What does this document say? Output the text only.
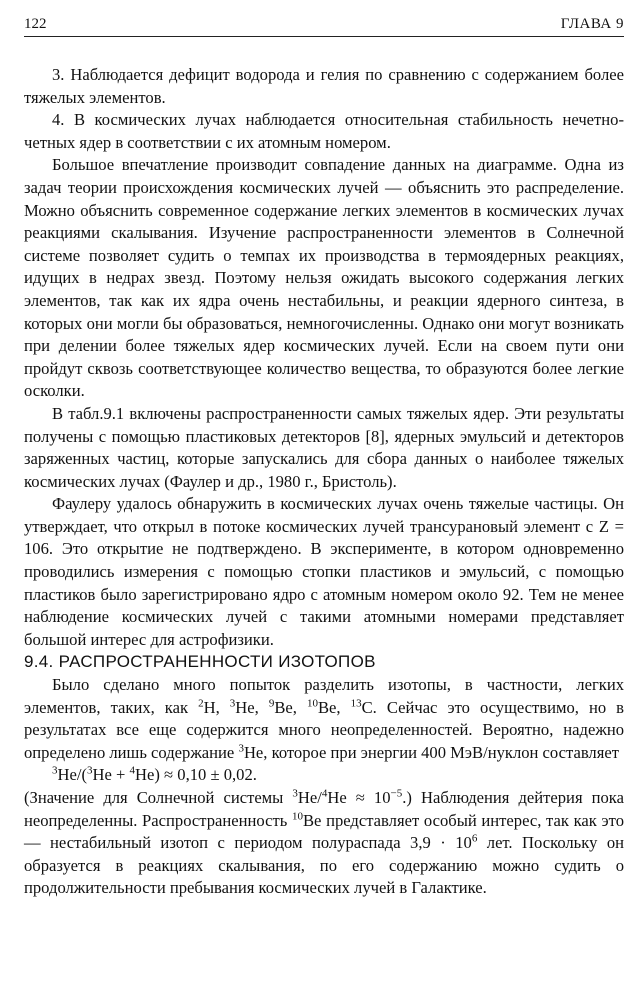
122	ГЛАВА 9

3. Наблюдается дефицит водорода и гелия по сравнению с содержанием более тяжелых элементов.

4. В космических лучах наблюдается относительная стабильность нечетно-четных ядер в соответствии с их атомным номером.

Большое впечатление производит совпадение данных на диаграмме. Одна из задач теории происхождения космических лучей — объяснить это распределение. Можно объяснить современное содержание легких элементов в космических лучах реакциями скалывания. Изучение распространенности элементов в Солнечной системе позволяет судить о темпах их производства в термоядерных реакциях, идущих в недрах звезд. Поэтому нельзя ожидать высокого содержания легких элементов, так как их ядра очень нестабильны, и реакции ядерного синтеза, в которых они могли бы образоваться, немногочисленны. Однако они могут возникать при делении более тяжелых ядер космических лучей. Если на своем пути они пройдут сквозь соответствующее количество вещества, то образуются более легкие осколки.

В табл.9.1 включены распространенности самых тяжелых ядер. Эти результаты получены с помощью пластиковых детекторов [8], ядерных эмульсий и детекторов заряженных частиц, которые запускались для сбора данных о наиболее тяжелых космических лучах (Фаулер и др., 1980 г., Бристоль).

Фаулеру удалось обнаружить в космических лучах очень тяжелые частицы. Он утверждает, что открыл в потоке космических лучей трансурановый элемент с Z = 106. Это открытие не подтверждено. В эксперименте, в котором одновременно проводились измерения с помощью стопки пластиков и эмульсий, с помощью пластиков было зарегистрировано ядро с атомным номером около 92. Тем не менее наблюдение космических лучей с такими атомными номерами представляет большой интерес для астрофизики.

9.4. РАСПРОСТРАНЕННОСТИ ИЗОТОПОВ

Было сделано много попыток разделить изотопы, в частности, легких элементов, таких, как $^2$H, $^3$He, $^9$Be, $^{10}$Be, $^{13}$C. Сейчас это осуществимо, но в результатах все еще содержится много неопределенностей. Вероятно, надежно определено лишь содержание $^3$He, которое при энергии 400 МэВ/нуклон составляет

$^3$He/($^3$He + $^4$He) ≈ 0,10 ± 0,02.

(Значение для Солнечной системы $^3He/^4He \approx 10^{-5}$.) Наблюдения дейтерия пока неопределенны. Распространенность $^{10}$Be представляет особый интерес, так как это — нестабильный изотоп с периодом полураспада $3,9 \cdot 10^6$ лет. Поскольку он образуется в реакциях скалывания, по его содержанию можно судить о продолжительности пребывания космических лучей в Галактике.
